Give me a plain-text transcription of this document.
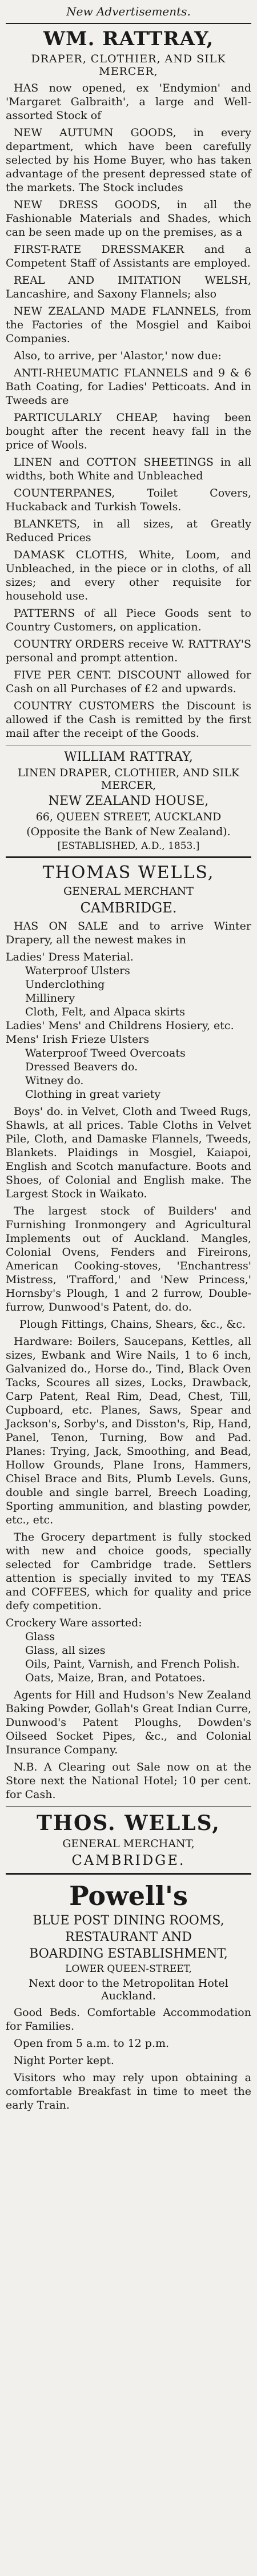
New Advertisements.
WM. RATTRAY,
DRAPER, CLOTHIER, AND SILK MERCER,

HAS now opened, ex 'Endymion' and 'Margaret Galbraith', a large and Well-assorted Stock of

NEW AUTUMN GOODS, in every department, which have been carefully selected by his Home Buyer, who has taken advantage of the present depressed state of the markets. The Stock includes

NEW DRESS GOODS, in all the Fashionable Materials and Shades, which can be seen made up on the premises, as a

FIRST-RATE DRESSMAKER and a Competent Staff of Assistants are employed.

REAL AND IMITATION WELSH, Lancashire, and Saxony Flannels; also

NEW ZEALAND MADE FLANNELS, from the Factories of the Mosgiel and Kaiboi Companies.

Also, to arrive, per 'Alastor,' now due:

ANTI-RHEUMATIC FLANNELS and 9 & 6 Bath Coating, for Ladies' Petticoats. And in Tweeds are

PARTICULARLY CHEAP, having been bought after the recent heavy fall in the price of Wools.

LINEN and COTTON SHEETINGS in all widths, both White and Unbleached

COUNTERPANES, Toilet Covers, Huckaback and Turkish Towels.

BLANKETS, in all sizes, at Greatly Reduced Prices

DAMASK CLOTHS, White, Loom, and Unbleached, in the piece or in cloths, of all sizes; and every other requisite for household use.

PATTERNS of all Piece Goods sent to Country Customers, on application.

COUNTRY ORDERS receive W. RATTRAY'S personal and prompt attention.

FIVE PER CENT. DISCOUNT allowed for Cash on all Purchases of £2 and upwards.

COUNTRY CUSTOMERS the Discount is allowed if the Cash is remitted by the first mail after the receipt of the Goods.

WILLIAM RATTRAY,
LINEN DRAPER, CLOTHIER, AND SILK MERCER,
NEW ZEALAND HOUSE,
66, QUEEN STREET, AUCKLAND
(Opposite the Bank of New Zealand).
[ESTABLISHED, A.D., 1853.]
THOMAS WELLS,
GENERAL MERCHANT
CAMBRIDGE.

HAS ON SALE and to arrive Winter Drapery, all the newest makes in

Ladies' Dress Material.
Waterproof Ulsters
Underclothing
Millinery
Cloth, Felt, and Alpaca skirts
Ladies' Mens' and Childrens Hosiery, etc.
Mens' Irish Frieze Ulsters
Waterproof Tweed Overcoats
Dressed Beavers do.
Witney do.
Clothing in great variety

Boys' do. in Velvet, Cloth and Tweed Rugs, Shawls, at all prices. Table Cloths in Velvet Pile, Cloth, and Damaske Flannels, Tweeds, Blankets. Plaidings in Mosgiel, Kaiapoi, English and Scotch manufacture. Boots and Shoes, of Colonial and English make. The Largest Stock in Waikato.

The largest stock of Builders' and Furnishing Ironmongery and Agricultural Implements out of Auckland. Mangles, Colonial Ovens, Fenders and Fireirons, American Cooking-stoves, 'Enchantress' Mistress, 'Trafford,' and 'New Princess,' Hornsby's Plough, 1 and 2 furrow, Double-furrow, Dunwood's Patent, do. do.

Plough Fittings, Chains, Shears, &c., &c.

Hardware: Boilers, Saucepans, Kettles, all sizes, Ewbank and Wire Nails, 1 to 6 inch, Galvanized do., Horse do., Tind, Black Oven Tacks, Scoures all sizes, Locks, Drawback, Carp Patent, Real Rim, Dead, Chest, Till, Cupboard, etc. Planes, Saws, Spear and Jackson's, Sorby's, and Disston's, Rip, Hand, Panel, Tenon, Turning, Bow and Pad. Planes: Trying, Jack, Smoothing, and Bead, Hollow Grounds, Plane Irons, Hammers, Chisel Brace and Bits, Plumb Levels. Guns, double and single barrel, Breech Loading, Sporting ammunition, and blasting powder, etc., etc.

The Grocery department is fully stocked with new and choice goods, specially selected for Cambridge trade. Settlers attention is specially invited to my TEAS and COFFEES, which for quality and price defy competition.

Crockery Ware assorted:
Glass
Glass, all sizes
Oils, Paint, Varnish, and French Polish.
Oats, Maize, Bran, and Potatoes.

Agents for Hill and Hudson's New Zealand Baking Powder, Gollah's Great Indian Curre, Dunwood's Patent Ploughs, Dowden's Oilseed Socket Pipes, &c., and Colonial Insurance Company.

N.B. A Clearing out Sale now on at the Store next the National Hotel; 10 per cent. for Cash.

THOS. WELLS,
GENERAL MERCHANT,
CAMBRIDGE.
Powell's
BLUE POST DINING ROOMS,
RESTAURANT AND
BOARDING ESTABLISHMENT,
LOWER QUEEN-STREET,
Next door to the Metropolitan Hotel Auckland.

Good Beds. Comfortable Accommodation for Families.

Open from 5 a.m. to 12 p.m.

Night Porter kept.

Visitors who may rely upon obtaining a comfortable Breakfast in time to meet the early Train.
